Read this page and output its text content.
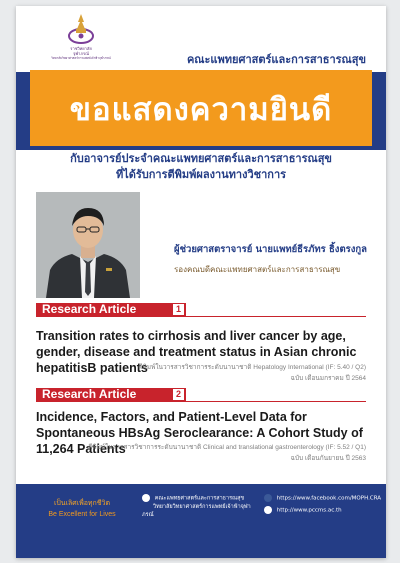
ราชวิทยาลัย
จุฬาภรณ์
วิทยาลัยวิทยาศาสตร์การแพทย์เจ้าฟ้าจุฬาภรณ์	คณะแพทยศาสตร์และการสาธารณสุข
ขอแสดงความยินดี
กับอาจารย์ประจำคณะแพทยศาสตร์และการสาธารณสุข
ที่ได้รับการตีพิมพ์ผลงานทางวิชาการ
ผู้ช่วยศาสตราจารย์ นายแพทย์ธีรภัทร ธิ้งตรงกูล
รองคณบดีคณะแพทยศาสตร์และการสาธารณสุข
Research Article	1
Transition rates to cirrhosis and liver cancer by age, gender, disease and treatment status in Asian chronic hepatitisB patients
ตีพิมพ์ในวารสารวิชาการระดับนานาชาติ Hepatology International (IF: 5.40 / Q2)
ฉบับ เดือนมกราคม ปี 2564
Research Article	2
Incidence, Factors, and Patient-Level Data for Spontaneous HBsAg Seroclearance: A Cohort Study of 11,264 Patients
ตีพิมพ์ในวารสารวิชาการระดับนานาชาติ Clinical and translational gastroenterology (IF: 5.52 / Q1)
ฉบับ เดือนกันยายน ปี 2563
เป็นเลิศเพื่อทุกชีวิต
Be Excellent for Lives
คณะแพทยศาสตร์และการสาธารณสุข
วิทยาลัยวิทยาศาสตร์การแพทย์เจ้าฟ้าจุฬาภรณ์
https://www.facebook.com/MOPH.CRA
http://www.pccms.ac.th
